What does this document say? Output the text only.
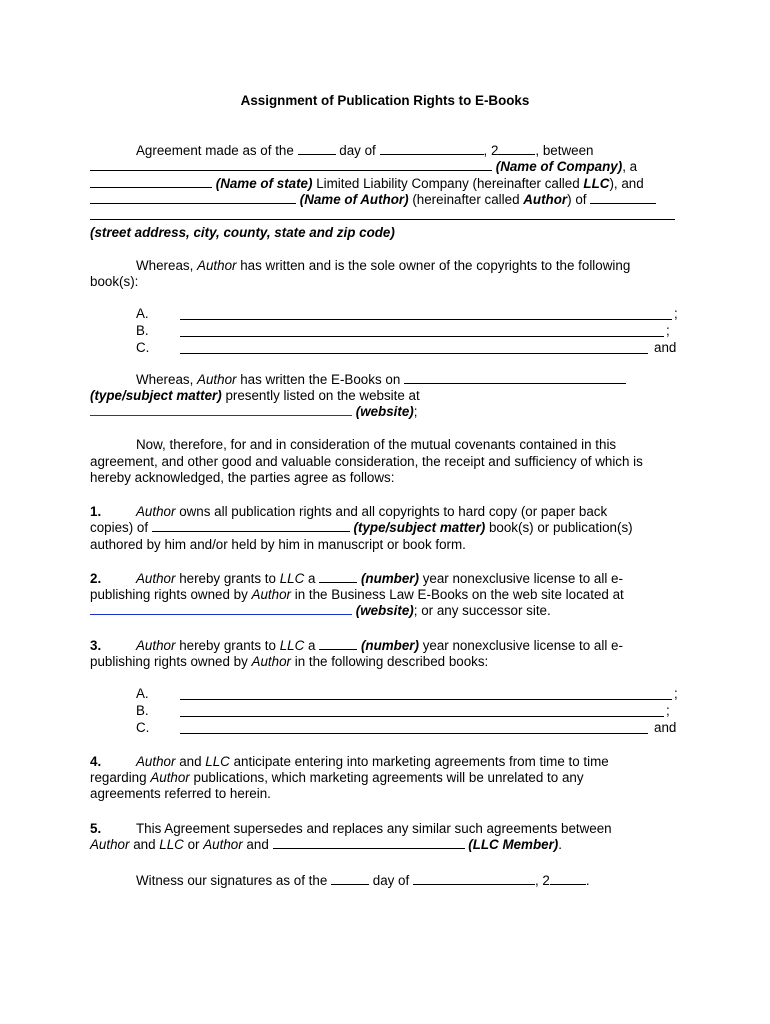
Assignment of Publication Rights to E-Books
Agreement made as of the	day of	, 2	, between
(Name of Company), a
(Name of state) Limited Liability Company (hereinafter called LLC), and
(Name of Author) (hereinafter called Author) of
(street address, city, county, state and zip code)
Whereas, Author has written and is the sole owner of the copyrights to the following
book(s):
A.	;
B.	;
C.	and
Whereas, Author has written the E-Books on
(type/subject matter) presently listed on the website at
(website);
Now, therefore, for and in consideration of the mutual covenants contained in this
agreement, and other good and valuable consideration, the receipt and sufficiency of which is
hereby acknowledged, the parties agree as follows:
1.	Author owns all publication rights and all copyrights to hard copy (or paper back
copies) of	(type/subject matter) book(s) or publication(s)
authored by him and/or held by him in manuscript or book form.
2.	Author hereby grants to LLC a	(number) year nonexclusive license to all e-
publishing rights owned by Author in the Business Law E-Books on the web site located at
(website); or any successor site.
3.	Author hereby grants to LLC a	(number) year nonexclusive license to all e-
publishing rights owned by Author in the following described books:
A.	;
B.	;
C.	and
4.	Author and LLC anticipate entering into marketing agreements from time to time
regarding Author publications, which marketing agreements will be unrelated to any
agreements referred to herein.
5.	This Agreement supersedes and replaces any similar such agreements between
Author and LLC or Author and	(LLC Member).
Witness our signatures as of the	day of	, 2	.
